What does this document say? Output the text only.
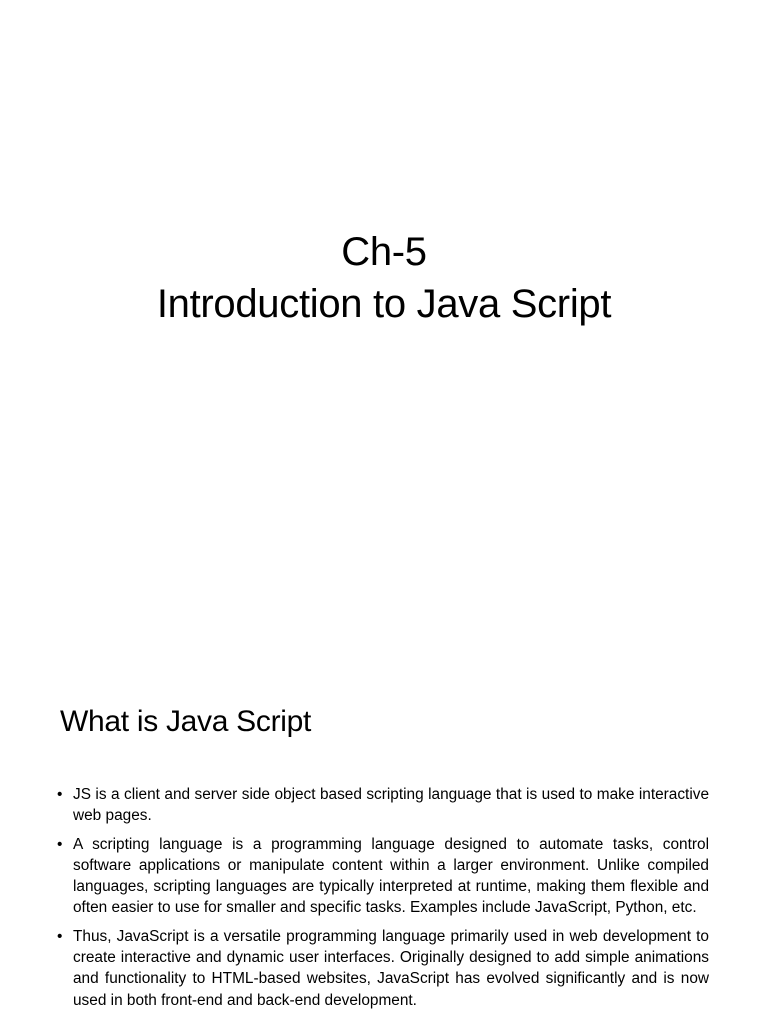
Ch-5
Introduction to Java Script
What is Java Script
• JS is a client and server side object based scripting language that is used to make interactive web pages.
• A scripting language is a programming language designed to automate tasks, control software applications or manipulate content within a larger environment. Unlike compiled languages, scripting languages are typically interpreted at runtime, making them flexible and often easier to use for smaller and specific tasks. Examples include JavaScript, Python, etc.
• Thus, JavaScript is a versatile programming language primarily used in web development to create interactive and dynamic user interfaces. Originally designed to add simple animations and functionality to HTML-based websites, JavaScript has evolved significantly and is now used in both front-end and back-end development.
